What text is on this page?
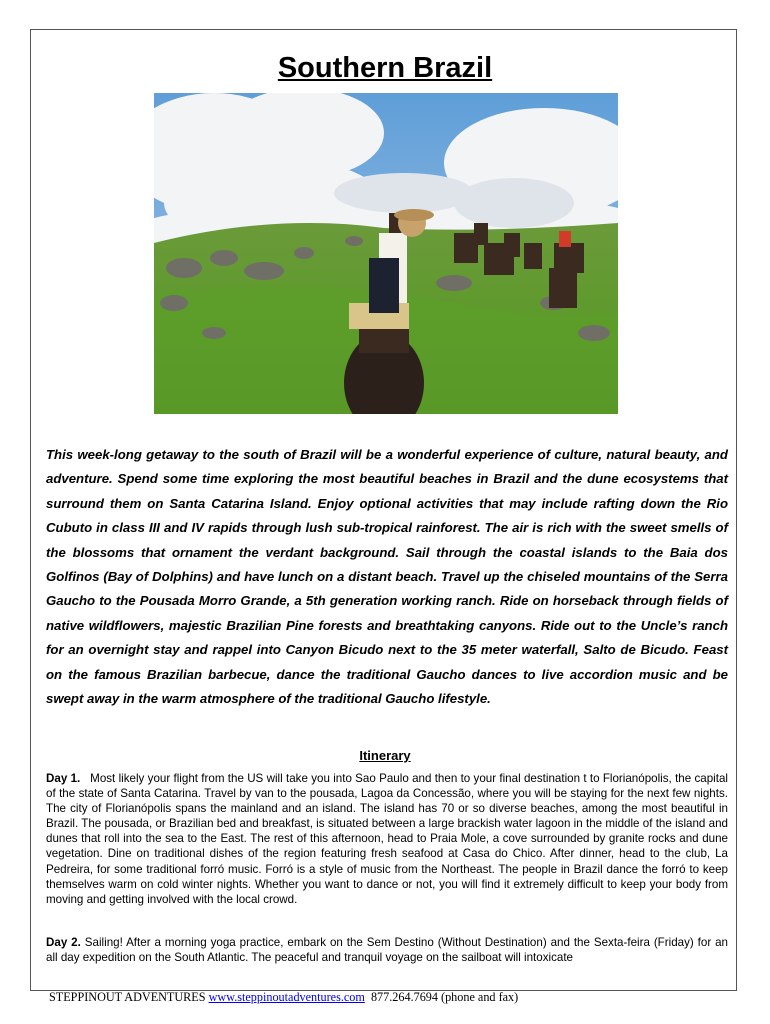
Southern Brazil

This week-long getaway to the south of Brazil will be a wonderful experience of culture, natural beauty, and adventure. Spend some time exploring the most beautiful beaches in Brazil and the dune ecosystems that surround them on Santa Catarina Island. Enjoy optional activities that may include rafting down the Rio Cubuto in class III and IV rapids through lush sub-tropical rainforest. The air is rich with the sweet smells of the blossoms that ornament the verdant background. Sail through the coastal islands to the Baia dos Golfinos (Bay of Dolphins) and have lunch on a distant beach. Travel up the chiseled mountains of the Serra Gaucho to the Pousada Morro Grande, a 5th generation working ranch. Ride on horseback through fields of native wildflowers, majestic Brazilian Pine forests and breathtaking canyons. Ride out to the Uncle’s ranch for an overnight stay and rappel into Canyon Bicudo next to the 35 meter waterfall, Salto de Bicudo. Feast on the famous Brazilian barbecue, dance the traditional Gaucho dances to live accordion music and be swept away in the warm atmosphere of the traditional Gaucho lifestyle.

Itinerary

Day 1. Most likely your flight from the US will take you into Sao Paulo and then to your final destination t to Florianópolis, the capital of the state of Santa Catarina. Travel by van to the pousada, Lagoa da Concessão, where you will be staying for the next few nights. The city of Florianópolis spans the mainland and an island. The island has 70 or so diverse beaches, among the most beautiful in Brazil. The pousada, or Brazilian bed and breakfast, is situated between a large brackish water lagoon in the middle of the island and dunes that roll into the sea to the East. The rest of this afternoon, head to Praia Mole, a cove surrounded by granite rocks and dune vegetation. Dine on traditional dishes of the region featuring fresh seafood at Casa do Chico. After dinner, head to the club, La Pedreira, for some traditional forró music. Forró is a style of music from the Northeast. The people in Brazil dance the forró to keep themselves warm on cold winter nights. Whether you want to dance or not, you will find it extremely difficult to keep your body from moving and getting involved with the local crowd.

Day 2. Sailing! After a morning yoga practice, embark on the Sem Destino (Without Destination) and the Sexta-feira (Friday) for an all day expedition on the South Atlantic. The peaceful and tranquil voyage on the sailboat will intoxicate

STEPPINOUT ADVENTURES www.steppinoutadventures.com 877.264.7694 (phone and fax)
